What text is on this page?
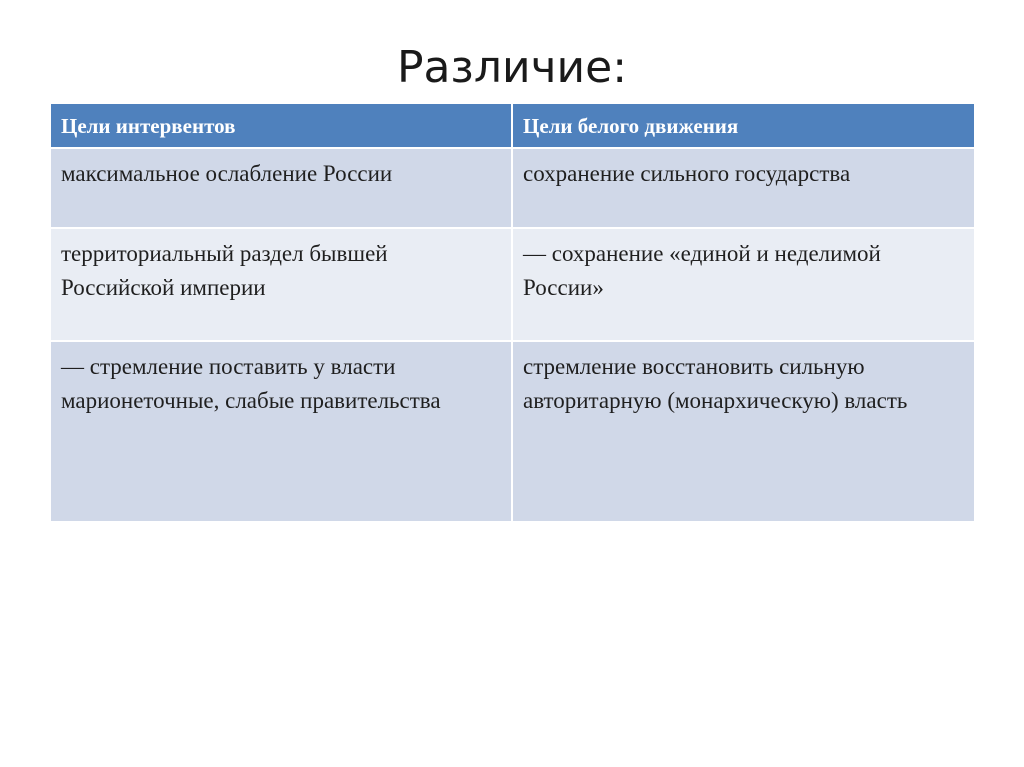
Различие:
Цели интервентов	Цели белого движения
максимальное ослабление России	сохранение сильного государства
территориальный раздел бывшей Российской империи	— сохранение «единой и неделимой России»
— стремление поставить у власти марионеточные, слабые правительства	стремление восстановить сильную авторитарную (монархическую) власть
